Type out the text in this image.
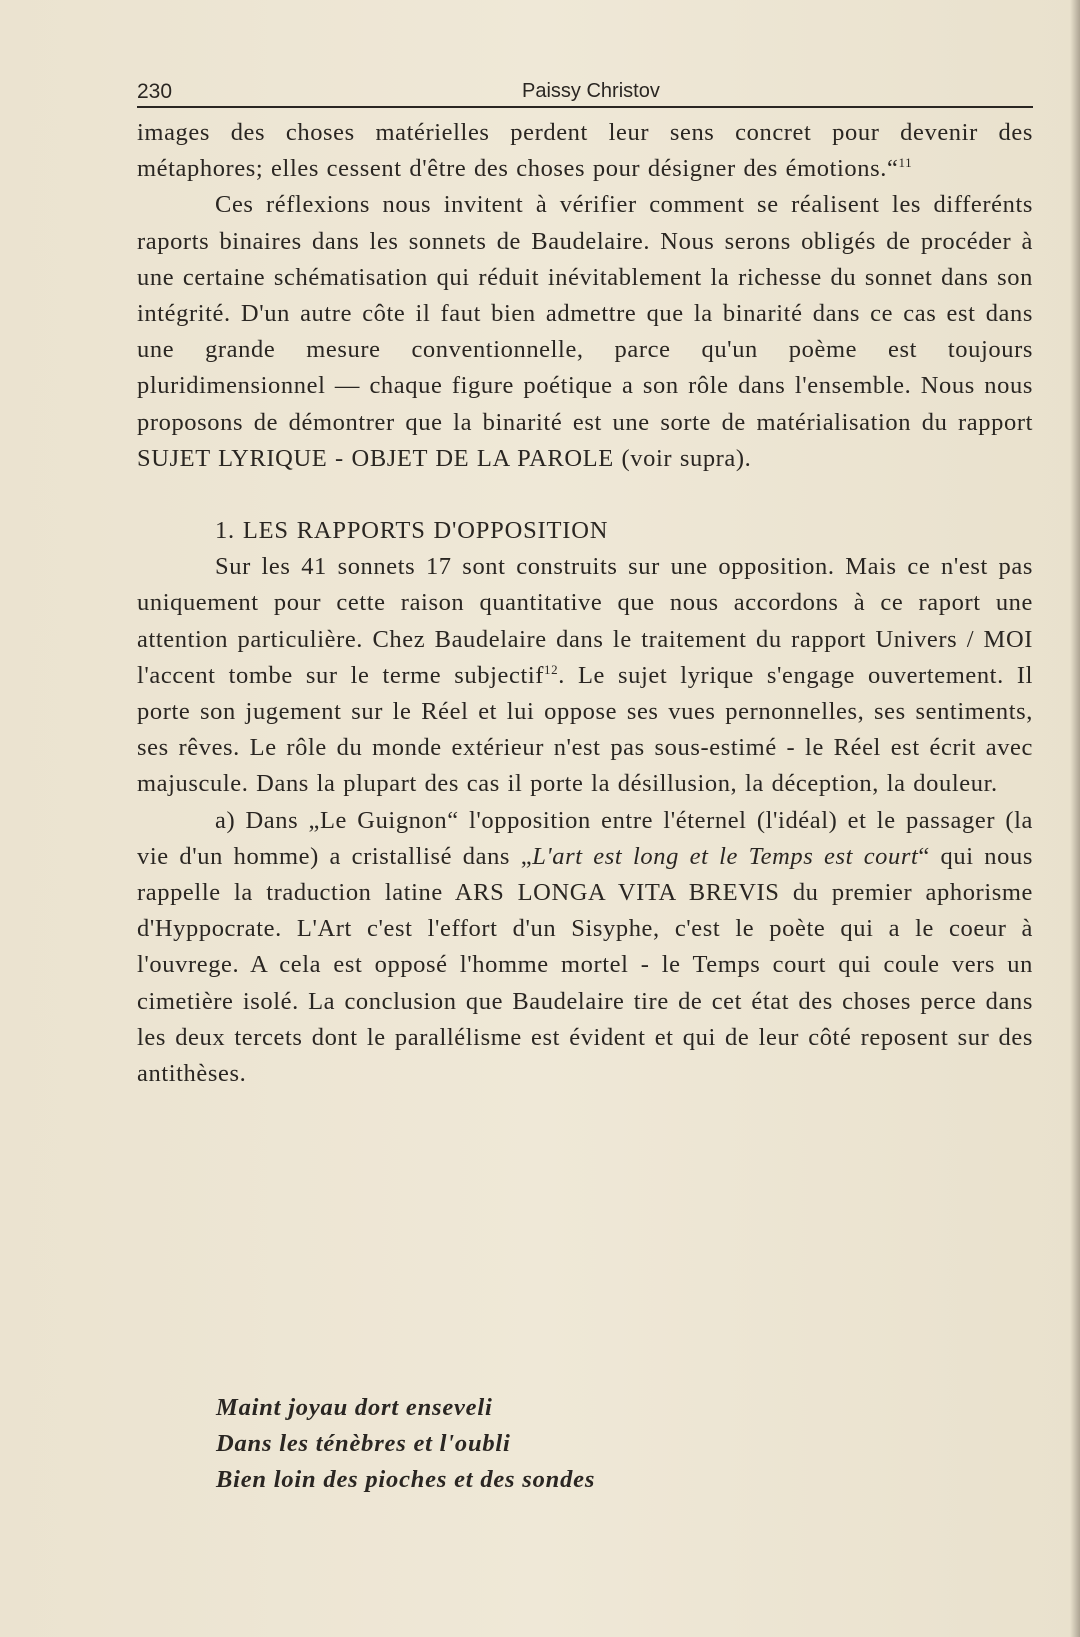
230	Paissy Christov

images des choses matérielles perdent leur sens concret pour devenir des métaphores; elles cessent d'être des choses pour désigner des émotions.“$^{11}$

Ces réflexions nous invitent à vérifier comment se réalisent les differénts raports binaires dans les sonnets de Baudelaire. Nous serons obligés de procéder à une certaine schématisation qui réduit inévitablement la richesse du sonnet dans son intégrité. D'un autre côte il faut bien admettre que la binarité dans ce cas est dans une grande mesure conventionnelle, parce qu'un poème est toujours pluridimensionnel — chaque figure poétique a son rôle dans l'ensemble. Nous nous proposons de démontrer que la binarité est une sorte de matérialisation du rapport SUJET LYRIQUE - OBJET DE LA PAROLE (voir supra).

1. LES RAPPORTS D'OPPOSITION

Sur les 41 sonnets 17 sont construits sur une opposition. Mais ce n'est pas uniquement pour cette raison quantitative que nous accordons à ce raport une attention particulière. Chez Baudelaire dans le traitement du rapport Univers / MOI l'accent tombe sur le terme subjectif$^{12}$. Le sujet lyrique s'engage ouvertement. Il porte son jugement sur le Réel et lui oppose ses vues pernonnelles, ses sentiments, ses rêves. Le rôle du monde extérieur n'est pas sous-estimé - le Réel est écrit avec majuscule. Dans la plupart des cas il porte la désillusion, la déception, la douleur.

a) Dans „Le Guignon“ l'opposition entre l'éternel (l'idéal) et le passager (la vie d'un homme) a cristallisé dans „L'art est long et le Temps est court“ qui nous rappelle la traduction latine ARS LONGA VITA BREVIS du premier aphorisme d'Hyppocrate. L'Art c'est l'effort d'un Sisyphe, c'est le poète qui a le coeur à l'ouvrege. A cela est opposé l'homme mortel - le Temps court qui coule vers un cimetière isolé. La conclusion que Baudelaire tire de cet état des choses perce dans les deux tercets dont le parallélisme est évident et qui de leur côté reposent sur des antithèses.

Maint joyau dort enseveli
Dans les ténèbres et l'oubli
Bien loin des pioches et des sondes
